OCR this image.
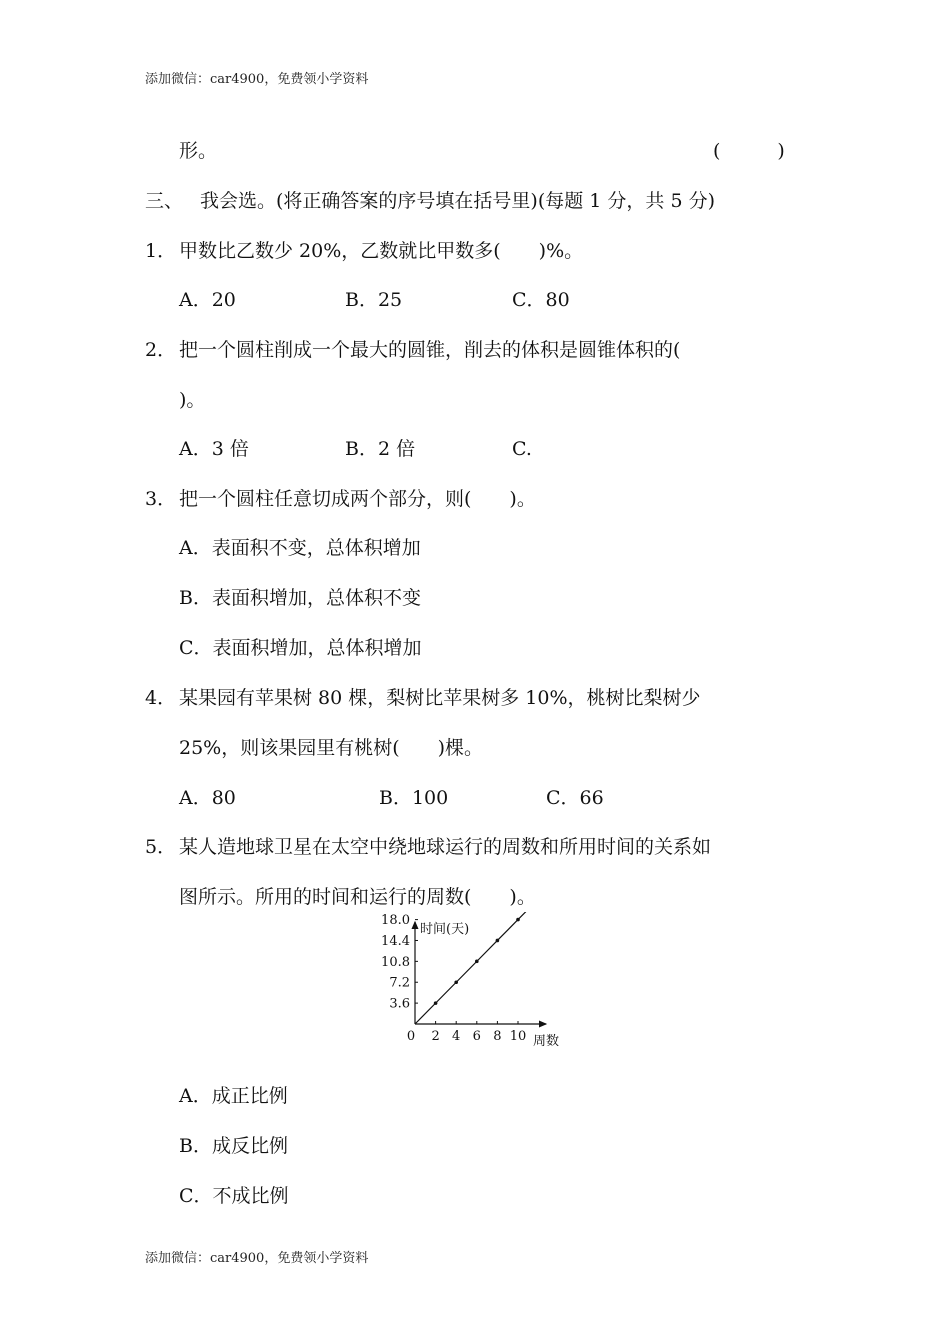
添加微信：car4900，免费领小学资料
形。	(　　　)
三、 我会选。(将正确答案的序号填在括号里)(每题 1 分，共 5 分)
1． 甲数比乙数少 20%，乙数就比甲数多(　　)%。
A．20	B．25	C．80
2． 把一个圆柱削成一个最大的圆锥，削去的体积是圆锥体积的(
)。
A．3 倍	B．2 倍	C.
3． 把一个圆柱任意切成两个部分，则(　　)。
A．表面积不变，总体积增加
B．表面积增加，总体积不变
C．表面积增加，总体积增加
4． 某果园有苹果树 80 棵，梨树比苹果树多 10%，桃树比梨树少
25%，则该果园里有桃树(　　)棵。
A．80	B．100	C．66
5． 某人造地球卫星在太空中绕地球运行的周数和所用时间的关系如
图所示。所用的时间和运行的周数(　　)。
时间(天)
周数
0 2 4 6 8 10
3.6
7.2
10.8
14.4
18.0
A．成正比例
B．成反比例
C．不成比例
添加微信：car4900，免费领小学资料
